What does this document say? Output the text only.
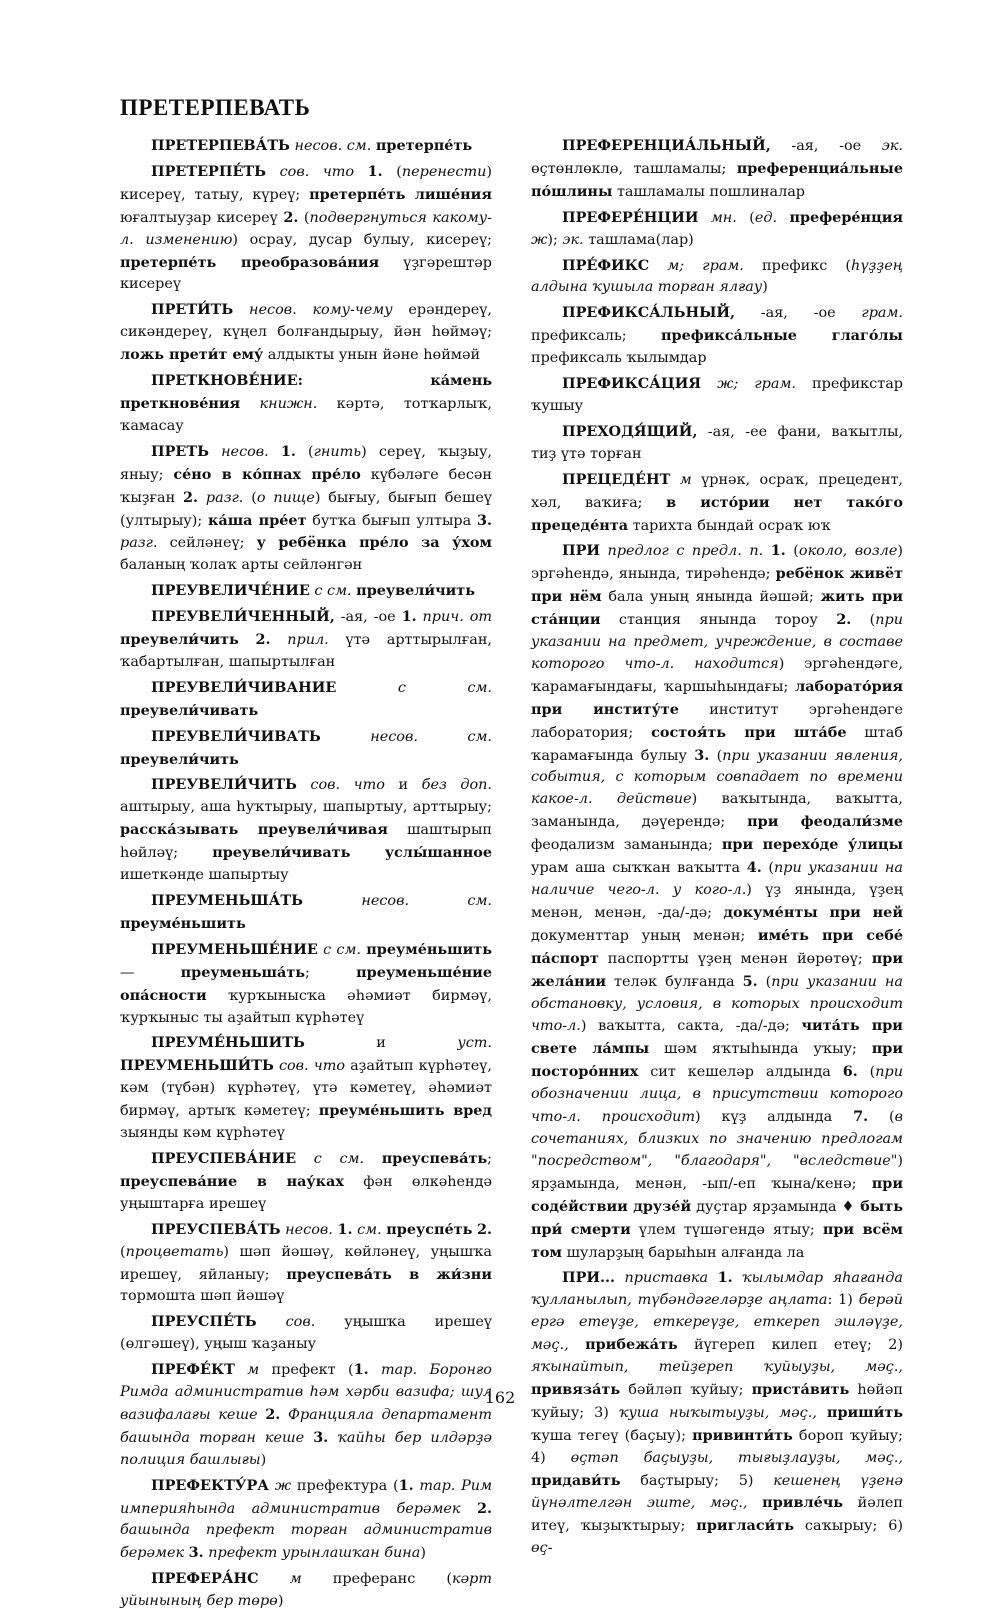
ПРЕТЕРПЕВАТЬ

ПРЕТЕРПЕВА́ТЬ несов. см. претерпе́ть

ПРЕТЕРПЕ́ТЬ сов. что 1. (перенести) кисереү, татыу, күреү; претерпе́ть лише́ния юғалтыуҙар кисереү 2. (подвергнуться какому-л. изменению) осрау, дусар булыу, кисереү; претерпе́ть преобразова́ния үҙгәрештәр кисереү

ПРЕТИ́ТЬ несов. кому-чему ерәндереү, сикәндереү, күңел болғандырыу, йән һөймәү; ложь прети́т ему́ алдыкты унын йәне һөймәй

ПРЕТКНОВЕ́НИЕ: ка́мень преткнове́ния книжн. кәртә, тотҡарлыҡ, ҡамасау

ПРЕТЬ несов. 1. (гнить) сереү, ҡыҙыу, яныу; се́но в ко́пнах пре́ло күбәләге бесән ҡыҙған 2. разг. (о пище) бығыу, бығып бешеү (ултырыу); ка́ша пре́ет бутҡа бығып ултыра 3. разг. сейләнеү; у ребёнка пре́ло за у́хом баланың ҡолаҡ арты сейләнгән

ПРЕУВЕЛИЧЕ́НИЕ с см. преувели́чить

ПРЕУВЕЛИ́ЧЕННЫЙ, -ая, -ое 1. прич. от преувели́чить 2. прил. үтә арттырылған, ҡабартылған, шапыртылған

ПРЕУВЕЛИ́ЧИВАНИЕ с см. преувели́чивать

ПРЕУВЕЛИ́ЧИВАТЬ несов. см. преувели́чить

ПРЕУВЕЛИ́ЧИТЬ сов. что и без доп. аштырыу, аша һуҡтырыу, шапыртыу, арттырыу; расска́зывать преувели́чивая шаштырып һөйләү; преувели́чивать услы́шанное ишеткәнде шапыртыу

ПРЕУМЕНЬША́ТЬ несов. см. преуме́ньшить

ПРЕУМЕНЬШЕ́НИЕ с см. преуме́ньшить — преуменьша́ть; преуменьше́ние опа́сности ҡурҡынысҡа әһәмиәт бирмәү, ҡурҡыныс ты аҙайтып күрһәтеү

ПРЕУМЕ́НЬШИТЬ и уст. ПРЕУМЕНЬШИ́ТЬ сов. что аҙайтып күрһәтеү, кәм (түбән) күрһәтеү, үтә кәметеү, әһәмиәт бирмәү, артыҡ кәметеү; преуме́ньшить вред зыянды кәм күрһәтеү

ПРЕУСПЕВА́НИЕ с см. преуспева́ть; преуспева́ние в нау́ках фән өлкәһендә уңыштарға ирешеү

ПРЕУСПЕВА́ТЬ несов. 1. см. преуспе́ть 2. (процветать) шәп йәшәү, көйләнеү, уңышҡа ирешеү, яйланыу; преуспева́ть в жи́зни тормошта шәп йәшәү

ПРЕУСПЕ́ТЬ сов. уңышҡа ирешеү (өлгәшеү), уңыш ҡаҙаныу

ПРЕФЕ́КТ м префект (1. тар. Боронғо Римда административ һәм хәрби вазифа; шул вазифалағы кеше 2. Францияла департамент башында торған кеше 3. ҡайһы бер илдәрҙә полиция башлығы)

ПРЕФЕКТУ́РА ж префектура (1. тар. Рим империяһында административ берәмек 2. башында префект торған административ берәмек 3. префект урынлашҡан бина)

ПРЕФЕРА́НС м преферанс (кәрт уйынының бер төрө)

ПРЕФЕРЕНЦИА́ЛЬНЫЙ, -ая, -ое эк. өҫтөнлөклө, ташламалы; преференциа́льные по́шлины ташламалы пошлиналар

ПРЕФЕРЕ́НЦИИ мн. (ед. префере́нция ж); эк. ташлама(лар)

ПРЕ́ФИКС м; грам. префикс (һүҙҙең алдына ҡушыла торған ялғау)

ПРЕФИКСА́ЛЬНЫЙ, -ая, -ое грам. префиксаль; префикса́льные глаго́лы префиксаль ҡылымдар

ПРЕФИКСА́ЦИЯ ж; грам. префикстар ҡушыу

ПРЕХОДЯ́ЩИЙ, -ая, -ее фани, ваҡытлы, тиҙ үтә торған

ПРЕЦЕДЕ́НТ м үрнәк, осраҡ, прецедент, хәл, ваҡиға; в исто́рии нет тако́го прецеде́нта тарихта бындай осраҡ юҡ

ПРИ предлог с предл. п. 1. (около, возле) эргәһендә, янында, тирәһендә; ребёнок живёт при нём бала уның янында йәшәй; жить при ста́нции станция янында тороу 2. (при указании на предмет, учреждение, в составе которого что-л. находится) эргәһендәге, ҡарамағындағы, ҡаршыһындағы; лаборато́рия при институ́те институт эргәһендәге лаборатория; состоя́ть при шта́бе штаб ҡарамағында булыу 3. (при указании явления, события, с которым совпадает по времени какое-л. действие) ваҡытында, ваҡытта, заманында, дәүерендә; при феодали́зме феодализм заманында; при перехо́де у́лицы урам аша сыҡҡан ваҡытта 4. (при указании на наличие чего-л. у кого-л.) үҙ янында, үҙең менән, менән, -да/-дә; докуме́нты при ней документтар уның менән; име́ть при себе́ па́спорт паспортты үҙең менән йөрөтөү; при жела́нии теләк булғанда 5. (при указании на обстановку, условия, в которых происходит что-л.) ваҡытта, сакта, -да/-дә; чита́ть при свете ла́мпы шәм яҡтыһында уҡыу; при посторо́нних сит кешеләр алдында 6. (при обозначении лица, в присутствии которого что-л. происходит) күҙ алдында 7. (в сочетаниях, близких по значению предлогам "посредством", "благодаря", "вследствие") ярҙамында, менән, -ып/-еп ҡына/кенә; при соде́йствии друзе́й дуҫтар ярҙамында ♦ быть при́ смерти үлем түшәгендә ятыу; при всём том шуларҙың барыһын алғанда ла

ПРИ... приставка 1. ҡылымдар яһағанда ҡулланылып, түбәндәгеләрҙе аңлата: 1) берәй ергә етеүҙе, еткереүҙе, еткереп эшләүҙе, мәҫ., прибежа́ть йүгереп килеп етеү; 2) яҡынайтып, тейҙереп ҡуйыуҙы, мәҫ., привяза́ть бәйләп ҡуйыу; приста́вить һөйәп ҡуйыу; 3) ҡуша ныҡытыуҙы, мәҫ., приши́ть ҡуша тегеү (баҫыу); привинти́ть бороп ҡуйыу; 4) өҫтәп баҫыуҙы, тығыҙлауҙы, мәҫ., придави́ть баҫтырыу; 5) кешенең үҙенә йүнәлтелгән эште, мәҫ., привле́чь йәлеп итеү, ҡыҙыҡтырыу; пригласи́ть саҡырыу; 6) өҫ-

162
